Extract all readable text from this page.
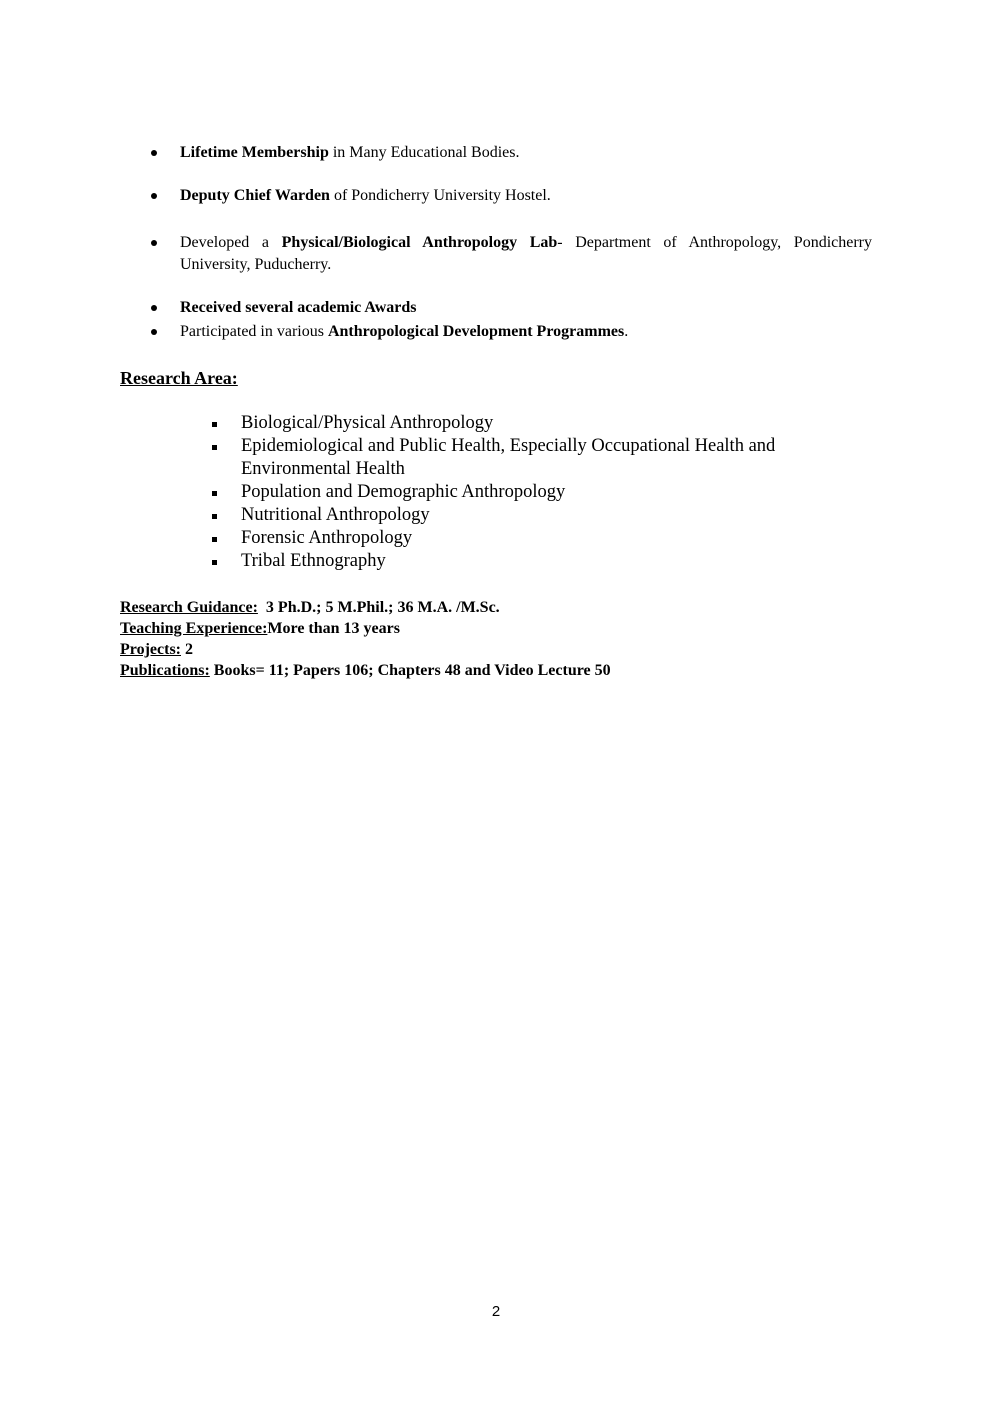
Lifetime Membership in Many Educational Bodies.
Deputy Chief Warden of Pondicherry University Hostel.
Developed a Physical/Biological Anthropology Lab- Department of Anthropology, Pondicherry University, Puducherry.
Received several academic Awards
Participated in various Anthropological Development Programmes.
Research Area:
Biological/Physical Anthropology
Epidemiological and Public Health, Especially Occupational Health and Environmental Health
Population and Demographic Anthropology
Nutritional Anthropology
Forensic Anthropology
Tribal Ethnography
Research Guidance:  3 Ph.D.; 5 M.Phil.; 36 M.A. /M.Sc.
Teaching Experience:More than 13 years
Projects: 2
Publications: Books= 11; Papers 106; Chapters 48 and Video Lecture 50
2
